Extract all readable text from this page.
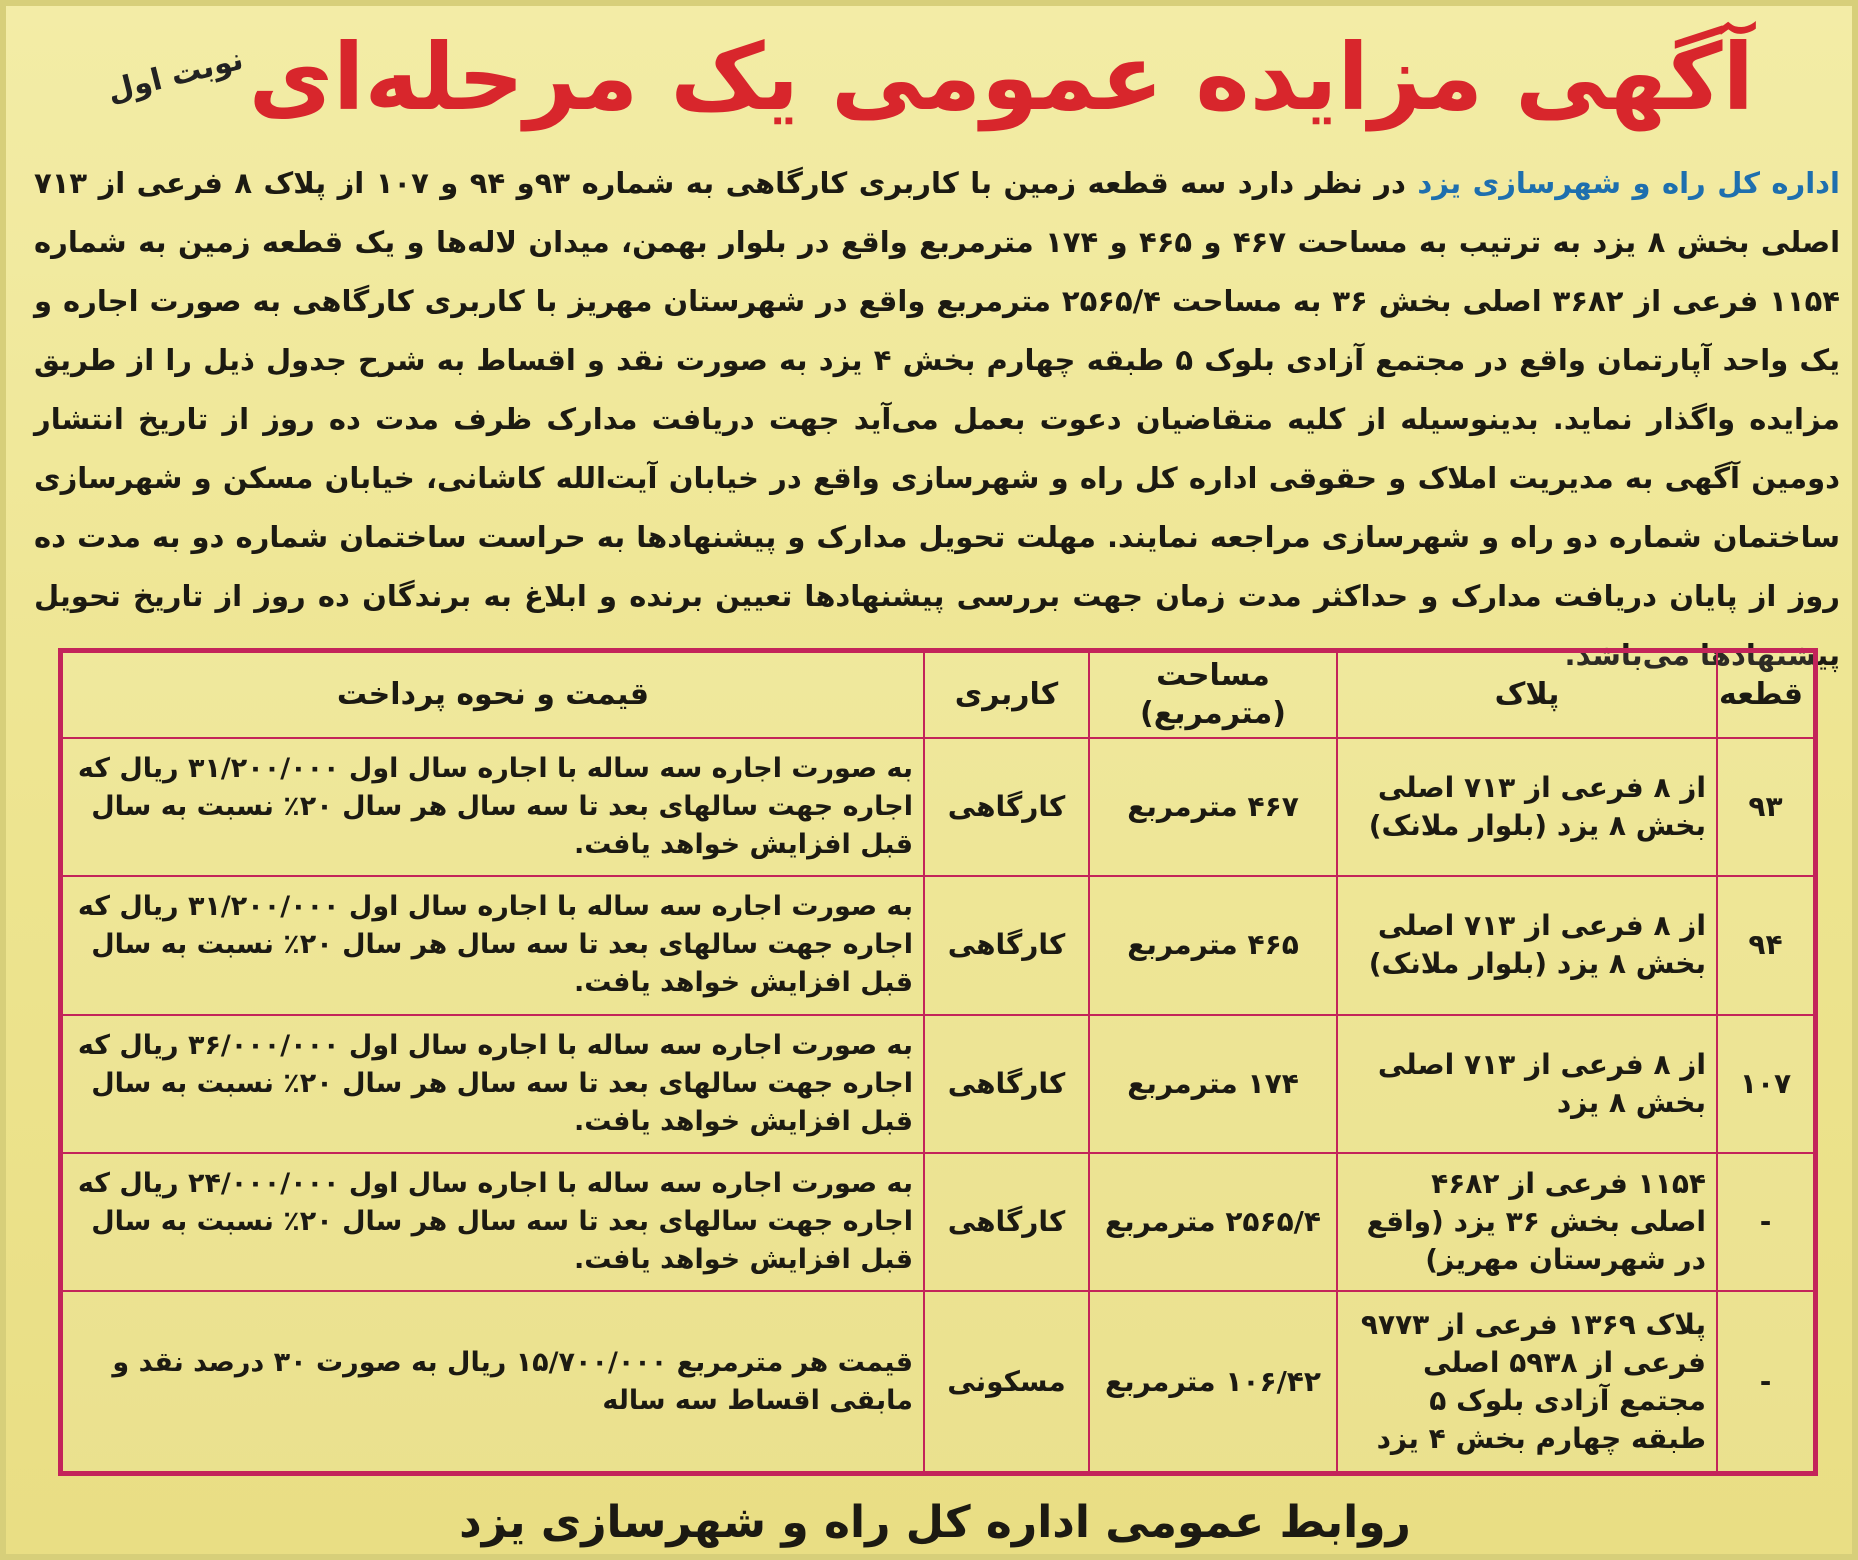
آگهی مزایده عمومی یک مرحله‌ای
نوبت اول

اداره کل راه و شهرسازی یزد در نظر دارد سه قطعه زمین با کاربری کارگاهی به شماره ۹۳و ۹۴ و ۱۰۷ از پلاک ۸ فرعی از ۷۱۳ اصلی بخش ۸ یزد به ترتیب به مساحت ۴۶۷ و ۴۶۵ و ۱۷۴ مترمربع واقع در بلوار بهمن، میدان لاله‌ها و یک قطعه زمین به شماره ۱۱۵۴ فرعی از ۳۶۸۲ اصلی بخش ۳۶ به مساحت ۲۵۶۵/۴ مترمربع واقع در شهرستان مهریز با کاربری کارگاهی به صورت اجاره و یک واحد آپارتمان واقع در مجتمع آزادی بلوک ۵ طبقه چهارم بخش ۴ یزد به صورت نقد و اقساط به شرح جدول ذیل را از طریق مزایده واگذار نماید. بدینوسیله از کلیه متقاضیان دعوت بعمل می‌آید جهت دریافت مدارک ظرف مدت ده روز از تاریخ انتشار دومین آگهی به مدیریت املاک و حقوقی اداره کل راه و شهرسازی واقع در خیابان آیت‌الله کاشانی، خیابان مسکن و شهرسازی ساختمان شماره دو راه و شهرسازی مراجعه نمایند. مهلت تحویل مدارک و پیشنهادها به حراست ساختمان شماره دو به مدت ده روز از پایان دریافت مدارک و حداکثر مدت زمان جهت بررسی پیشنهادها تعیین برنده و ابلاغ به برندگان ده روز از تاریخ تحویل پیشنهادها می‌باشد.

قطعه	پلاک	مساحت (مترمربع)	کاربری	قیمت و نحوه پرداخت
۹۳	از ۸ فرعی از ۷۱۳ اصلی بخش ۸ یزد (بلوار ملانک)	۴۶۷ مترمربع	کارگاهی	به صورت اجاره سه ساله با اجاره سال اول ۳۱/۲۰۰/۰۰۰ ریال که اجاره جهت سالهای بعد تا سه سال هر سال ۲۰٪ نسبت به سال قبل افزایش خواهد یافت.
۹۴	از ۸ فرعی از ۷۱۳ اصلی بخش ۸ یزد (بلوار ملانک)	۴۶۵ مترمربع	کارگاهی	به صورت اجاره سه ساله با اجاره سال اول ۳۱/۲۰۰/۰۰۰ ریال که اجاره جهت سالهای بعد تا سه سال هر سال ۲۰٪ نسبت به سال قبل افزایش خواهد یافت.
۱۰۷	از ۸ فرعی از ۷۱۳ اصلی بخش ۸ یزد	۱۷۴ مترمربع	کارگاهی	به صورت اجاره سه ساله با اجاره سال اول ۳۶/۰۰۰/۰۰۰ ریال که اجاره جهت سالهای بعد تا سه سال هر سال ۲۰٪ نسبت به سال قبل افزایش خواهد یافت.
-	۱۱۵۴ فرعی از ۴۶۸۲ اصلی بخش ۳۶ یزد (واقع در شهرستان مهریز)	۲۵۶۵/۴ مترمربع	کارگاهی	به صورت اجاره سه ساله با اجاره سال اول ۲۴/۰۰۰/۰۰۰ ریال که اجاره جهت سالهای بعد تا سه سال هر سال ۲۰٪ نسبت به سال قبل افزایش خواهد یافت.
-	پلاک ۱۳۶۹ فرعی از ۹۷۷۳ فرعی از ۵۹۳۸ اصلی مجتمع آزادی بلوک ۵ طبقه چهارم بخش ۴ یزد	۱۰۶/۴۲ مترمربع	مسکونی	قیمت هر مترمربع ۱۵/۷۰۰/۰۰۰ ریال به صورت ۳۰ درصد نقد و مابقی اقساط سه ساله

روابط عمومی اداره کل راه و شهرسازی یزد
